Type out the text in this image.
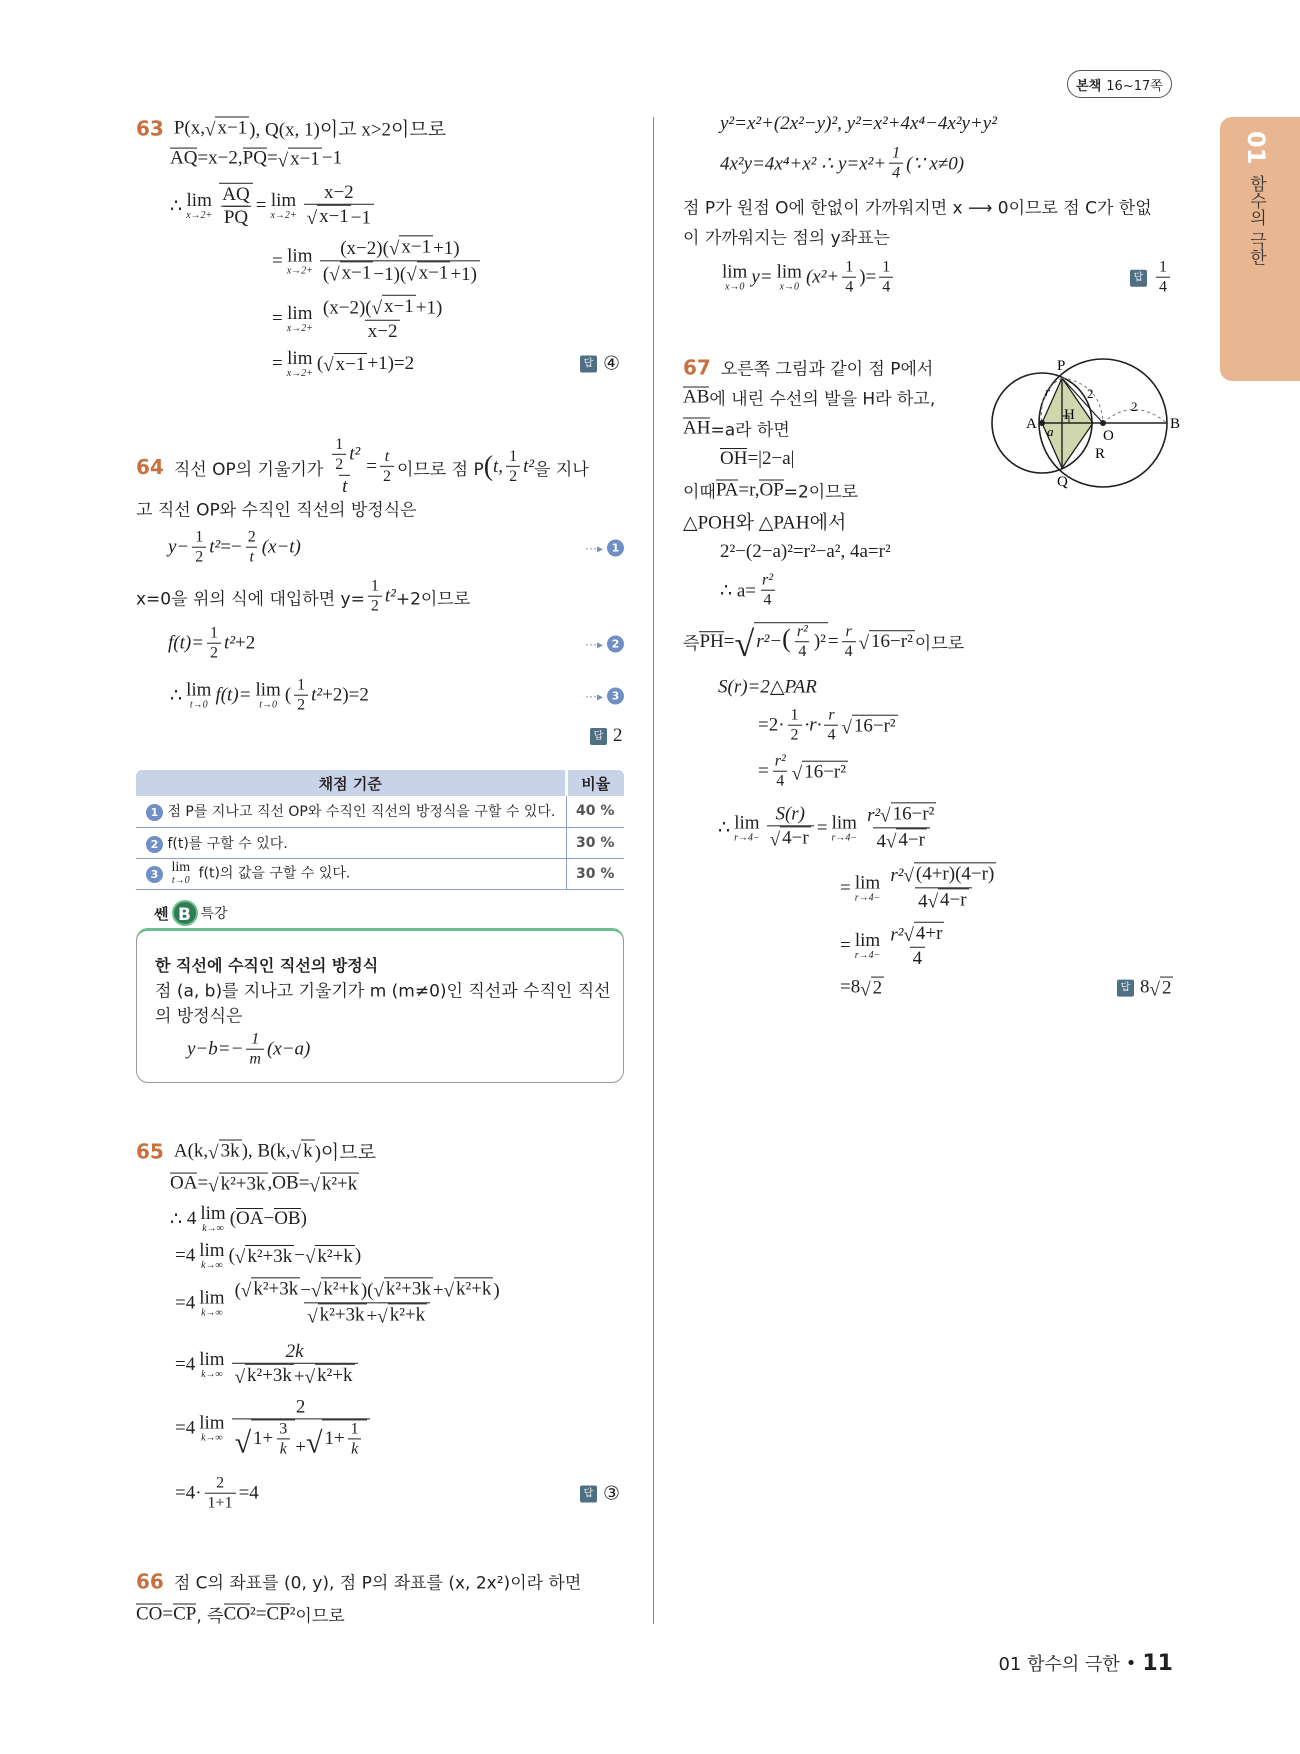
본책 16~17쪽
01
함수의 극한
63 P(x, √ x−1 ), Q(x, 1)이고 x>2이므로
AQ =x−2, PQ = √ x−1 −1
∴ lim
$x\to 2+ \frac{AQ}{PQ} = \lim$
$x\to 2+ \frac{x-2}{√ x-1 -1}$
= lim
$x\to 2+ \frac{(x-2)( √ x-1 +1)}{( √ x-1 -1)( √ x-1 +1)}$
= lim
$x\to 2+ \frac{(x-2)( √ x-1 +1)}{x-2}$
= lim
x→2+ ( √ x−1 +1)=2	답 ④
64 직선 OP의 기울기가 $\frac{\frac{1}{2} t^2}{t} = \frac{t}{2}$ 이므로 점 P ( t, $\frac{1}{2} t^2$ 을 지나
고 직선 OP와 수직인 직선의 방정식은
$y- \frac{1}{2} t^2 =- \frac{2}{t} (x-t)$	⋯▸ 1
x=0을 위의 식에 대입하면 $y= \frac{1}{2} t^2 +2$이므로
$f(t)= \frac{1}{2} t^2 +2$	⋯▸ 2
∴ lim
t→0 f(t)= lim
t→0 ( $\frac{1}{2} t^2 +2)=2$	⋯▸ 3
답 2
채점 기준	비율
1 점 P를 지나고 직선 OP와 수직인 직선의 방정식을 구할 수 있다.	40 %
2 f(t)를 구할 수 있다.	30 %
3 lim
t→0 f(t)의 값을 구할 수 있다.	30 %
쎈 B 특강
한 직선에 수직인 직선의 방정식
점 (a, b)를 지나고 기울기가 m (m≠0)인 직선과 수직인 직선
의 방정식은
$y-b=- \frac{1}{m} (x-a)$
65 A(k, √ 3k ), B(k, √ k )이므로
OA = √ k²+3k , OB = √ k²+k
∴
4 lim
k→∞ ( OA − OB )
=4 lim
k→∞ ( √ k²+3k − √ k²+k )
=4 lim
$k\to\infty \frac{\text{( √ k²+3k − √ k²+k )( √ k²+3k + √ k²+k )}}{\text{√ k²+3k + √ k²+k}}$
=4 lim
$k\to\infty \frac{2k}{\text{√ k²+3k + √ k²+k}}$
=4 lim
$k\to\infty \frac{2}{√ 1+ \frac{3}{k} + √ 1+ \frac{1}{k}}$
$=4\cdot \frac{2}{1+1} =4$	답 ③
66 점 C의 좌표를 (0, y), 점 P의 좌표를 (x, 2x²)이라 하면
CO = CP , 즉 CO ² = CP ² 이므로
y²=x²+(2x²−y)², y²=x²+4x⁴−4x²y+y²
4x²y=4x⁴+x² ∴ $y=x^2+ \frac{1}{4}$ (∵ x≠0)
점 P가 원점 O에 한없이 가까워지면 x ⟶ 0이므로 점 C가 한없
이 가까워지는 점의 y좌표는
lim
x→0 y= lim
x→0 ($x^2+ \frac{1}{4}$ )= $\frac{1}{4}$	답 $\frac{1}{4}$
67 오른쪽 그림과 같이 점 P에서
AB 에 내린 수선의 발을 H라 하고,
AH =a라 하면
OH =|2−a|
이때 PA =r, OP =2이므로
△POH와 △PAH에서
2²−(2−a)²=r²−a², 4a=r²
∴ $a= \frac{\text{r²}}{4}$
즉 PH = √ $r^2-( \frac{\text{r²}}{4} )^2 = \frac{r}{4}$ √ 16−r² 이므로
S(r)=2△PAR
$=2\cdot \frac{1}{2} \cdot r\cdot \frac{r}{4}$ √ 16−r²
= $\frac{\text{r²}}{4}$ √ 16−r²
∴ lim
$r\to 4- \frac{S(r)}{√ 4-r} = \lim$
$r\to 4- \frac{\text{r² √ 16−r²}}{4 √ 4-r}$
= lim
$r\to 4- \frac{\text{r² √ (4+r)(4−r)}}{4 √ 4-r}$
= lim
$r\to 4- \frac{\text{r² √ 4+r}}{4}$
=8 √ 2	답 8 √ 2
P
Q
A	B
O
H
R
a
r	2
2
01 함수의 극한 • 11
